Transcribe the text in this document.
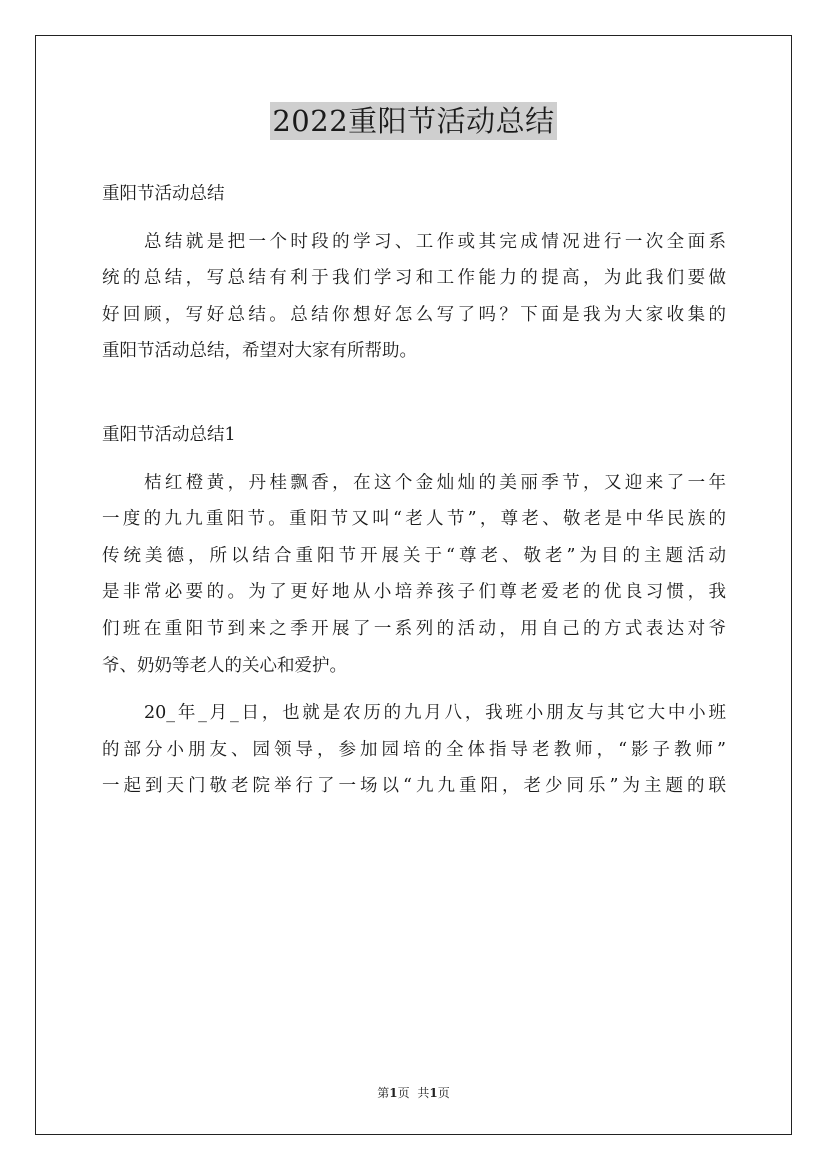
2022重阳节活动总结
重阳节活动总结
总结就是把一个时段的学习、工作或其完成情况进行一次全面系
统的总结，写总结有利于我们学习和工作能力的提高，为此我们要做
好回顾，写好总结。总结你想好怎么写了吗？下面是我为大家收集的
重阳节活动总结，希望对大家有所帮助。
重阳节活动总结1
桔红橙黄，丹桂飘香，在这个金灿灿的美丽季节，又迎来了一年
一度的九九重阳节。重阳节又叫“老人节”，尊老、敬老是中华民族的
传统美德，所以结合重阳节开展关于“尊老、敬老”为目的主题活动
是非常必要的。为了更好地从小培养孩子们尊老爱老的优良习惯，我
们班在重阳节到来之季开展了一系列的活动，用自己的方式表达对爷
爷、奶奶等老人的关心和爱护。
20_年_月_日，也就是农历的九月八，我班小朋友与其它大中小班
的部分小朋友、园领导，参加园培的全体指导老教师，“影子教师”
一起到天门敬老院举行了一场以“九九重阳，老少同乐”为主题的联
第1页 共1页
